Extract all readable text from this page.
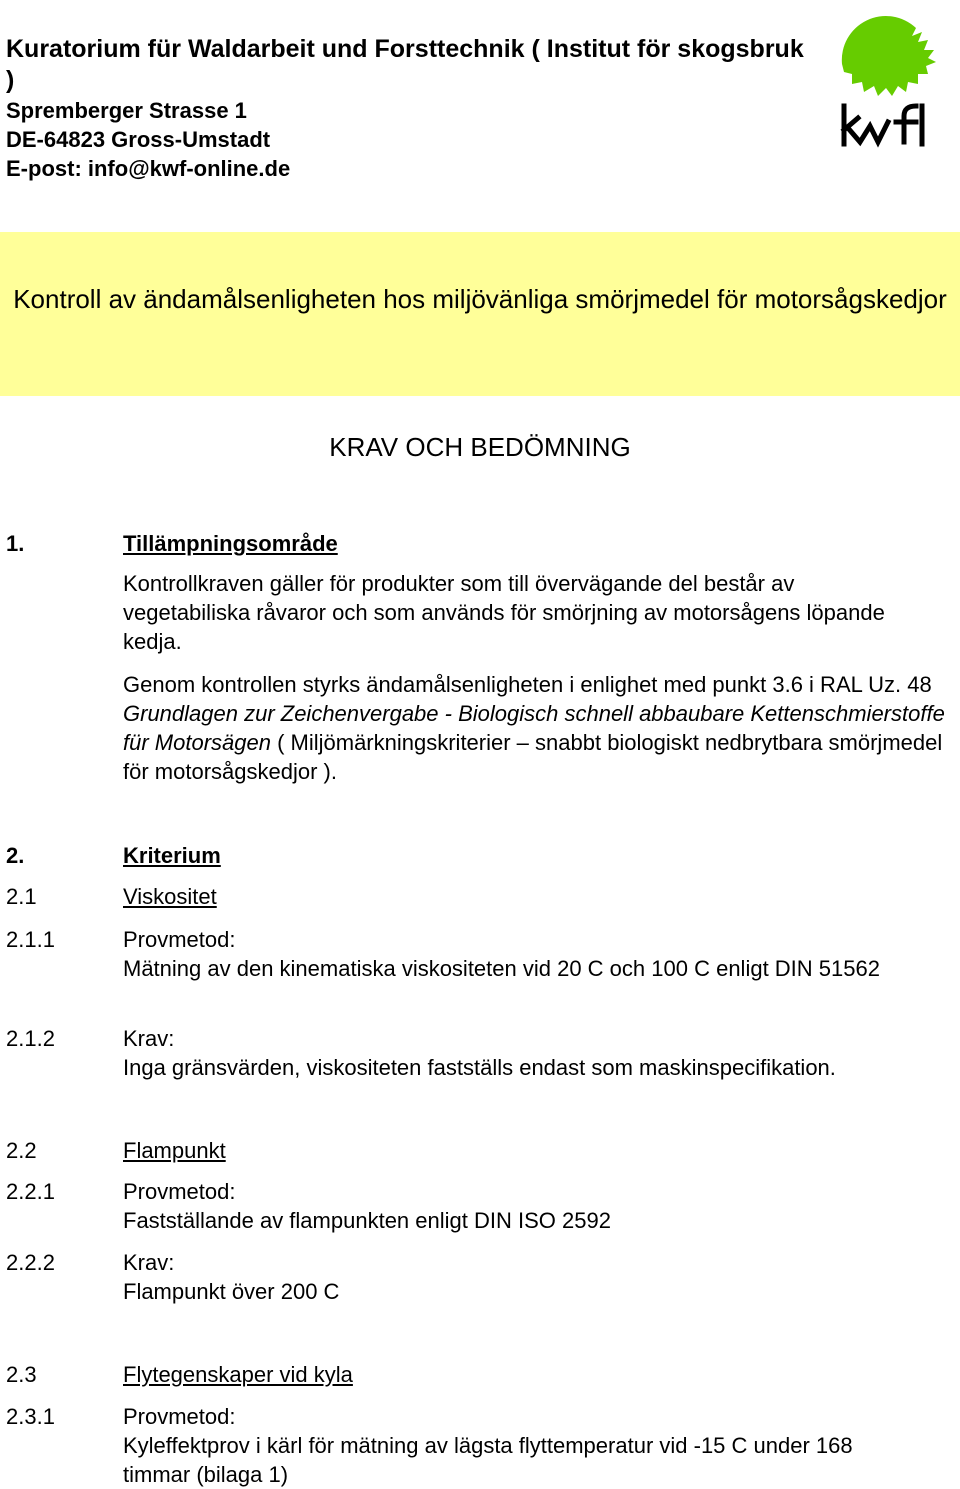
Kuratorium für Waldarbeit und Forsttechnik ( Institut för skogsbruk )
Spremberger Strasse 1
DE-64823 Gross-Umstadt
E-post: info@kwf-online.de
Kontroll av ändamålsenligheten hos miljövänliga smörjmedel för motorsågskedjor
KRAV OCH BEDÖMNING
1.	Tillämpningsområde
Kontrollkraven gäller för produkter som till övervägande del består av vegetabiliska råvaror och som används för smörjning av motorsågens löpande kedja.
Genom kontrollen styrks ändamålsenligheten i enlighet med punkt 3.6 i RAL Uz. 48 Grundlagen zur Zeichenvergabe - Biologisch schnell abbaubare Kettenschmierstoffe für Motorsägen ( Miljömärkningskriterier – snabbt biologiskt nedbrytbara smörjmedel för motorsågskedjor ).
2.	Kriterium
2.1	Viskositet
2.1.1	Provmetod:
Mätning av den kinematiska viskositeten vid 20 C och 100 C enligt DIN 51562
2.1.2	Krav:
Inga gränsvärden, viskositeten fastställs endast som maskinspecifikation.
2.2	Flampunkt
2.2.1	Provmetod:
Fastställande av flampunkten enligt DIN ISO 2592
2.2.2	Krav:
Flampunkt över 200 C
2.3	Flytegenskaper vid kyla
2.3.1	Provmetod:
Kyleffektprov i kärl för mätning av lägsta flyttemperatur vid -15 C under 168 timmar (bilaga 1)
